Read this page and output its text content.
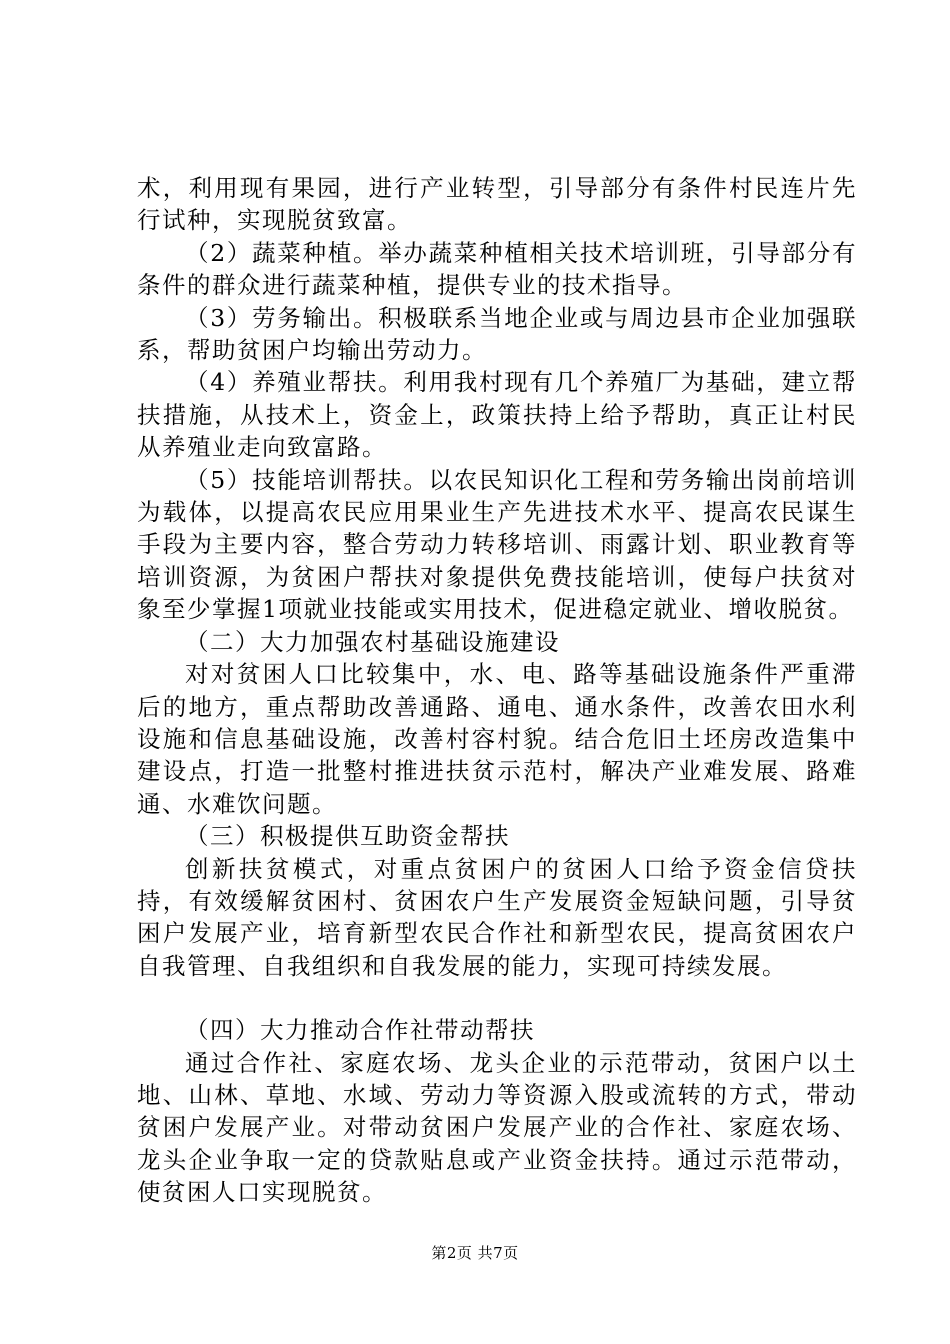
术，利用现有果园，进行产业转型，引导部分有条件村民连片先行试种，实现脱贫致富。

（2）蔬菜种植。举办蔬菜种植相关技术培训班，引导部分有条件的群众进行蔬菜种植，提供专业的技术指导。

（3）劳务输出。积极联系当地企业或与周边县市企业加强联系，帮助贫困户均输出劳动力。

（4）养殖业帮扶。利用我村现有几个养殖厂为基础，建立帮扶措施，从技术上，资金上，政策扶持上给予帮助，真正让村民从养殖业走向致富路。

（5）技能培训帮扶。以农民知识化工程和劳务输出岗前培训为载体，以提高农民应用果业生产先进技术水平、提高农民谋生手段为主要内容，整合劳动力转移培训、雨露计划、职业教育等培训资源，为贫困户帮扶对象提供免费技能培训，使每户扶贫对象至少掌握1项就业技能或实用技术，促进稳定就业、增收脱贫。

（二）大力加强农村基础设施建设

对对贫困人口比较集中，水、电、路等基础设施条件严重滞后的地方，重点帮助改善通路、通电、通水条件，改善农田水利设施和信息基础设施，改善村容村貌。结合危旧土坯房改造集中建设点，打造一批整村推进扶贫示范村，解决产业难发展、路难通、水难饮问题。

（三）积极提供互助资金帮扶

创新扶贫模式，对重点贫困户的贫困人口给予资金信贷扶持，有效缓解贫困村、贫困农户生产发展资金短缺问题，引导贫困户发展产业，培育新型农民合作社和新型农民，提高贫困农户自我管理、自我组织和自我发展的能力，实现可持续发展。

（四）大力推动合作社带动帮扶

通过合作社、家庭农场、龙头企业的示范带动，贫困户以土地、山林、草地、水域、劳动力等资源入股或流转的方式，带动贫困户发展产业。对带动贫困户发展产业的合作社、家庭农场、龙头企业争取一定的贷款贴息或产业资金扶持。通过示范带动，使贫困人口实现脱贫。

第2页 共7页
